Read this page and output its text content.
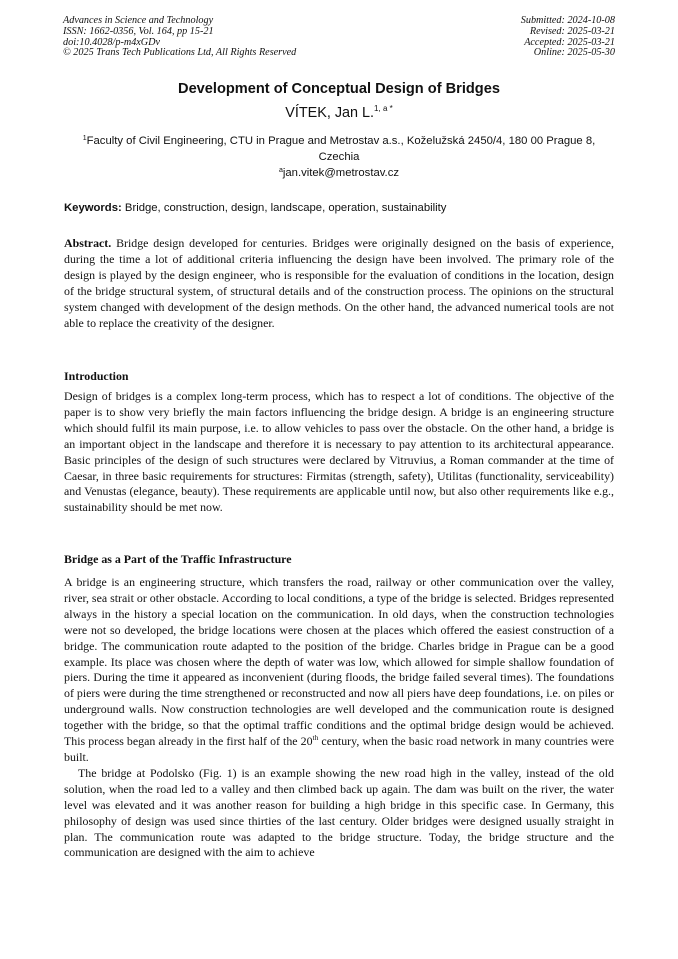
Advances in Science and Technology
ISSN: 1662-0356, Vol. 164, pp 15-21
doi:10.4028/p-m4xGDv
© 2025 Trans Tech Publications Ltd, All Rights Reserved
Submitted: 2024-10-08
Revised: 2025-03-21
Accepted: 2025-03-21
Online: 2025-05-30
Development of Conceptual Design of Bridges
VÍTEK, Jan L.$^{1, a *}$
$^1$Faculty of Civil Engineering, CTU in Prague and Metrostav a.s., Koželužská 2450/4, 180 00 Prague 8, Czechia
$^a$jan.vitek@metrostav.cz
Keywords: Bridge, construction, design, landscape, operation, sustainability

Abstract. Bridge design developed for centuries. Bridges were originally designed on the basis of experience, during the time a lot of additional criteria influencing the design have been involved. The primary role of the design is played by the design engineer, who is responsible for the evaluation of conditions in the location, design of the bridge structural system, of structural details and of the construction process. The opinions on the structural system changed with development of the design methods. On the other hand, the advanced numerical tools are not able to replace the creativity of the designer.

Introduction

Design of bridges is a complex long-term process, which has to respect a lot of conditions. The objective of the paper is to show very briefly the main factors influencing the bridge design. A bridge is an engineering structure which should fulfil its main purpose, i.e. to allow vehicles to pass over the obstacle. On the other hand, a bridge is an important object in the landscape and therefore it is necessary to pay attention to its architectural appearance. Basic principles of the design of such structures were declared by Vitruvius, a Roman commander at the time of Caesar, in three basic requirements for structures: Firmitas (strength, safety), Utilitas (functionality, serviceability) and Venustas (elegance, beauty). These requirements are applicable until now, but also other requirements like e.g., sustainability should be met now.

Bridge as a Part of the Traffic Infrastructure

A bridge is an engineering structure, which transfers the road, railway or other communication over the valley, river, sea strait or other obstacle. According to local conditions, a type of the bridge is selected. Bridges represented always in the history a special location on the communication. In old days, when the construction technologies were not so developed, the bridge locations were chosen at the places which offered the easiest construction of a bridge. The communication route adapted to the position of the bridge. Charles bridge in Prague can be a good example. Its place was chosen where the depth of water was low, which allowed for simple shallow foundation of piers. During the time it appeared as inconvenient (during floods, the bridge failed several times). The foundations of piers were during the time strengthened or reconstructed and now all piers have deep foundations, i.e. on piles or underground walls. Now construction technologies are well developed and the communication route is designed together with the bridge, so that the optimal traffic conditions and the optimal bridge design would be achieved. This process began already in the first half of the 20th century, when the basic road network in many countries were built.

The bridge at Podolsko (Fig. 1) is an example showing the new road high in the valley, instead of the old solution, when the road led to a valley and then climbed back up again. The dam was built on the river, the water level was elevated and it was another reason for building a high bridge in this specific case. In Germany, this philosophy of design was used since thirties of the last century. Older bridges were designed usually straight in plan. The communication route was adapted to the bridge structure. Today, the bridge structure and the communication are designed with the aim to achieve
